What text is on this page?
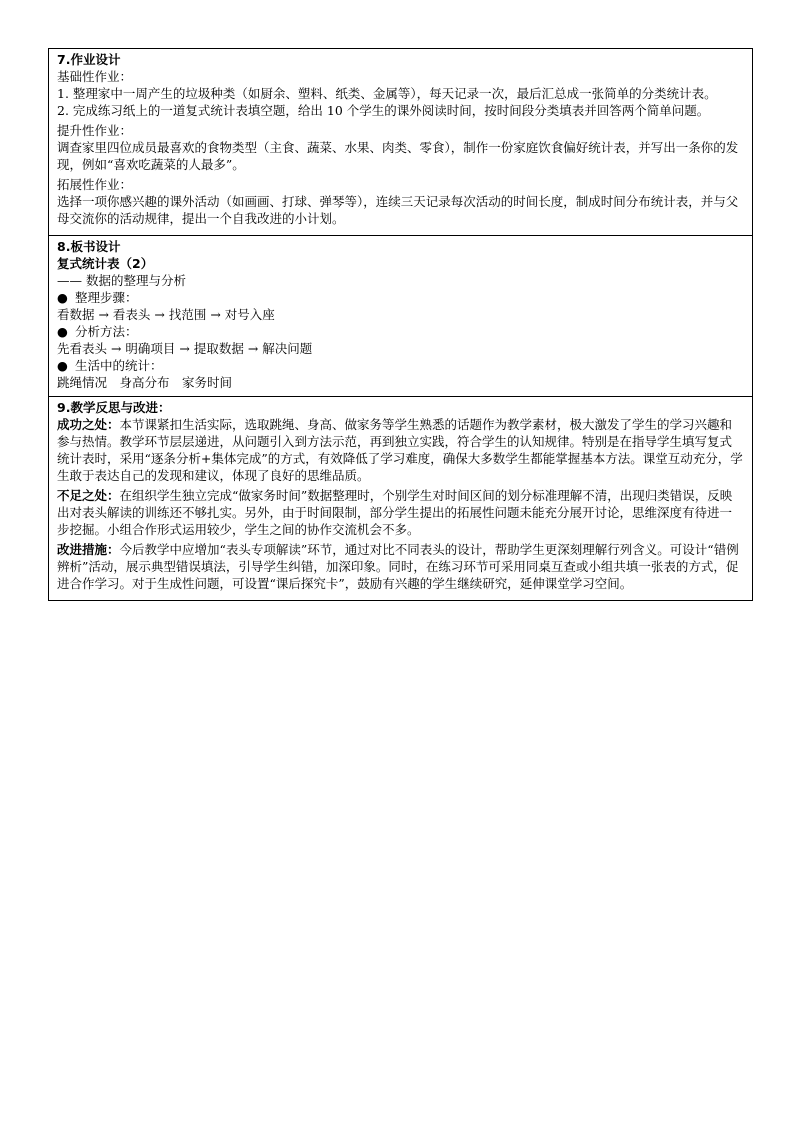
7.作业设计
基础性作业：
1. 整理家中一周产生的垃圾种类（如厨余、塑料、纸类、金属等），每天记录一次，最后汇总成一张简单的分类统计表。
2. 完成练习纸上的一道复式统计表填空题，给出 10 个学生的课外阅读时间，按时间段分类填表并回答两个简单问题。
提升性作业：
调查家里四位成员最喜欢的食物类型（主食、蔬菜、水果、肉类、零食），制作一份家庭饮食偏好统计表，并写出一条你的发现，例如“喜欢吃蔬菜的人最多”。
拓展性作业：
选择一项你感兴趣的课外活动（如画画、打球、弹琴等），连续三天记录每次活动的时间长度，制成时间分布统计表，并与父母交流你的活动规律，提出一个自我改进的小计划。

8.板书设计
复式统计表（2）
—— 数据的整理与分析
● 整理步骤：
看数据 → 看表头 → 找范围 → 对号入座
● 分析方法：
先看表头 → 明确项目 → 提取数据 → 解决问题
● 生活中的统计：
跳绳情况　身高分布　家务时间

9.教学反思与改进：
成功之处：本节课紧扣生活实际，选取跳绳、身高、做家务等学生熟悉的话题作为教学素材，极大激发了学生的学习兴趣和参与热情。教学环节层层递进，从问题引入到方法示范，再到独立实践，符合学生的认知规律。特别是在指导学生填写复式统计表时，采用“逐条分析+集体完成”的方式，有效降低了学习难度，确保大多数学生都能掌握基本方法。课堂互动充分，学生敢于表达自己的发现和建议，体现了良好的思维品质。
不足之处：在组织学生独立完成“做家务时间”数据整理时，个别学生对时间区间的划分标准理解不清，出现归类错误，反映出对表头解读的训练还不够扎实。另外，由于时间限制，部分学生提出的拓展性问题未能充分展开讨论，思维深度有待进一步挖掘。小组合作形式运用较少，学生之间的协作交流机会不多。
改进措施：今后教学中应增加“表头专项解读”环节，通过对比不同表头的设计，帮助学生更深刻理解行列含义。可设计“错例辨析”活动，展示典型错误填法，引导学生纠错，加深印象。同时，在练习环节可采用同桌互查或小组共填一张表的方式，促进合作学习。对于生成性问题，可设置“课后探究卡”，鼓励有兴趣的学生继续研究，延伸课堂学习空间。
